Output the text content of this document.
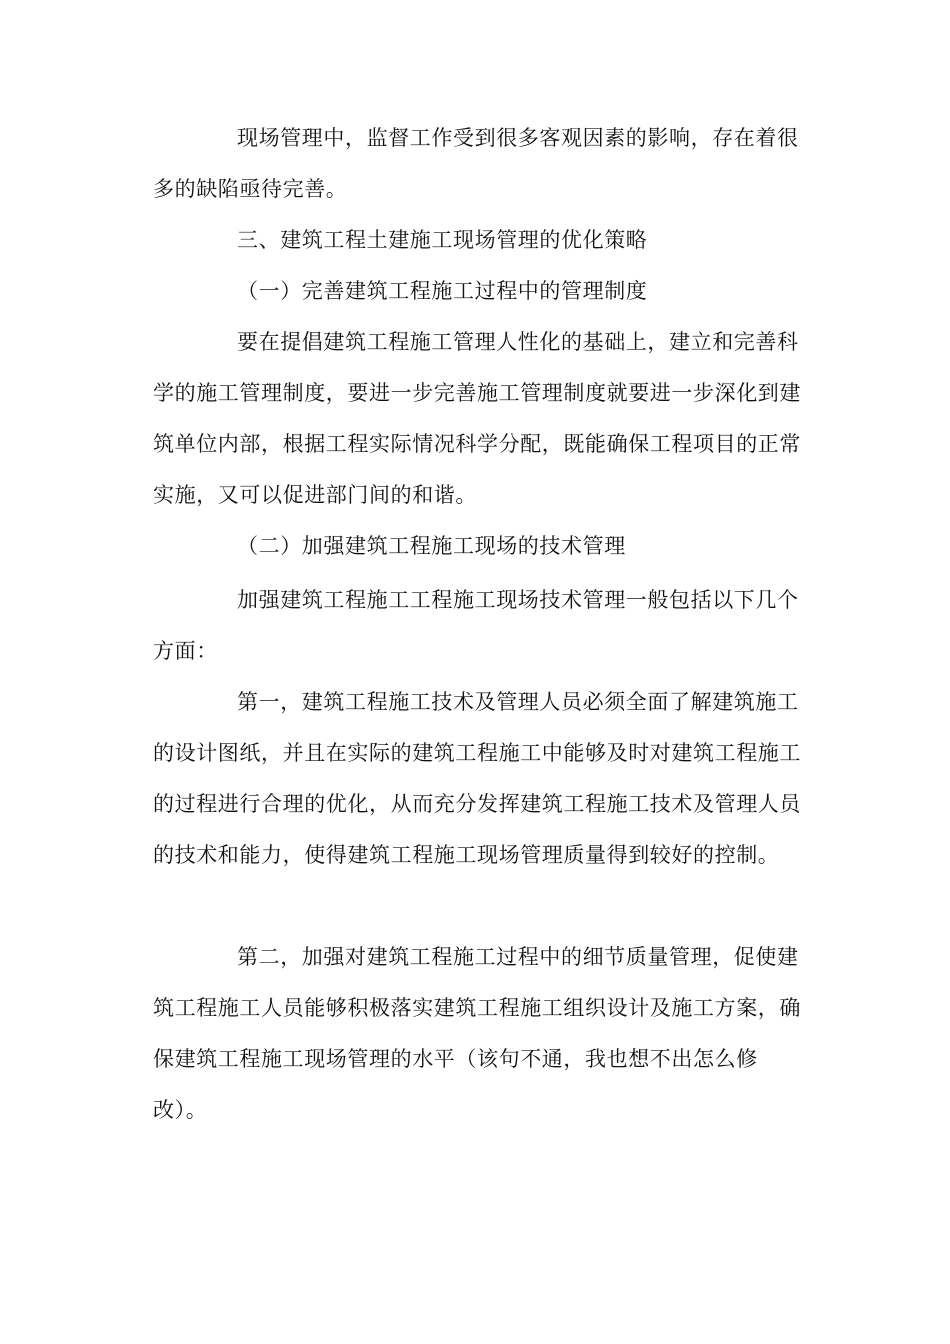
现场管理中，监督工作受到很多客观因素的影响，存在着很多的缺陷亟待完善。

三、建筑工程土建施工现场管理的优化策略

（一）完善建筑工程施工过程中的管理制度

要在提倡建筑工程施工管理人性化的基础上，建立和完善科学的施工管理制度，要进一步完善施工管理制度就要进一步深化到建筑单位内部，根据工程实际情况科学分配，既能确保工程项目的正常实施，又可以促进部门间的和谐。

（二）加强建筑工程施工现场的技术管理

加强建筑工程施工工程施工现场技术管理一般包括以下几个方面：

第一，建筑工程施工技术及管理人员必须全面了解建筑施工的设计图纸，并且在实际的建筑工程施工中能够及时对建筑工程施工的过程进行合理的优化，从而充分发挥建筑工程施工技术及管理人员的技术和能力，使得建筑工程施工现场管理质量得到较好的控制。

第二，加强对建筑工程施工过程中的细节质量管理，促使建筑工程施工人员能够积极落实建筑工程施工组织设计及施工方案，确保建筑工程施工现场管理的水平（该句不通，我也想不出怎么修改）。
